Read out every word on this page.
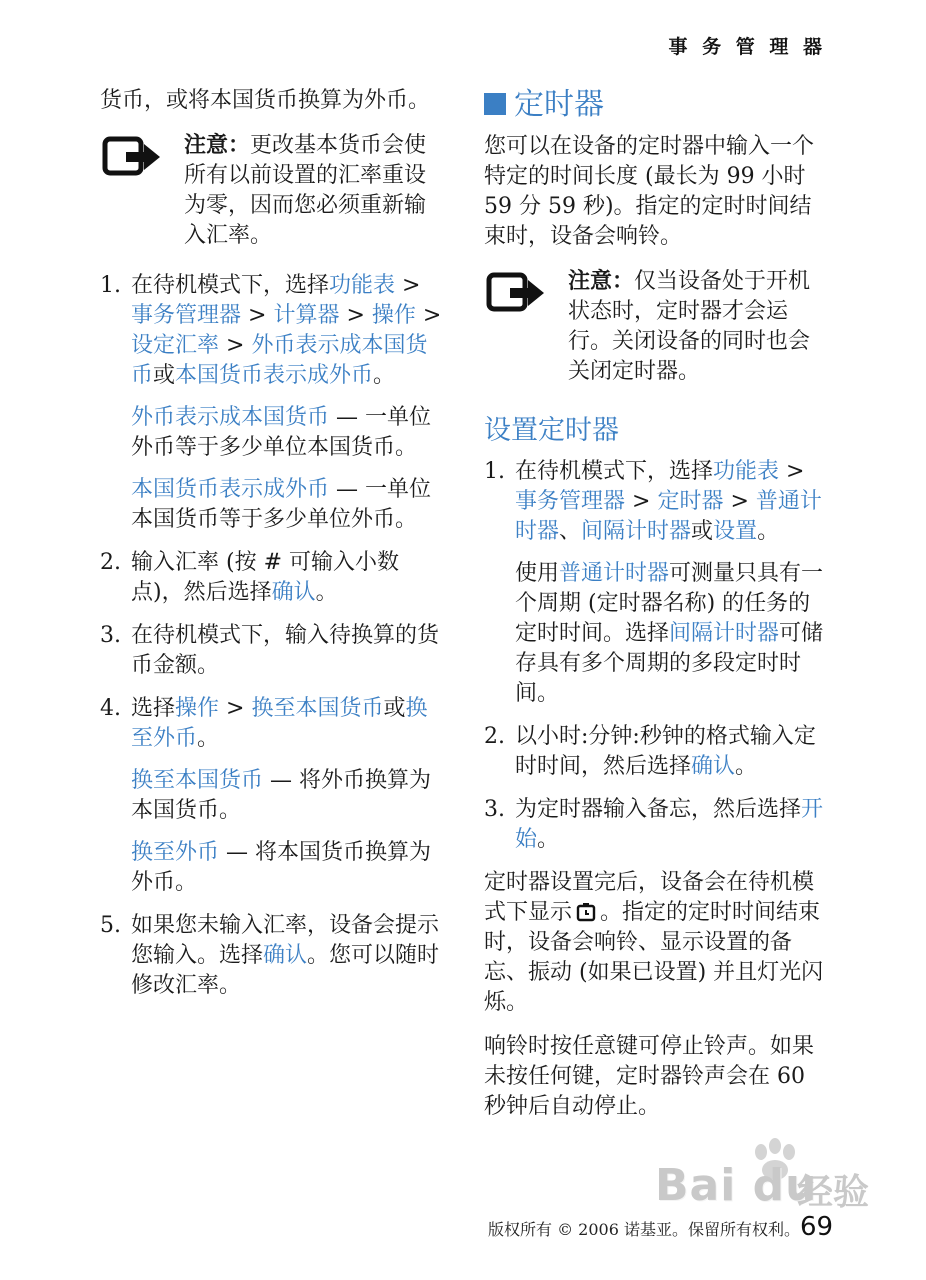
事 务 管 理 器

货币，或将本国货币换算为外币。

注意：更改基本货币会使所有以前设置的汇率重设为零，因而您必须重新输入汇率。

1. 在待机模式下，选择功能表 > 事务管理器 > 计算器 > 操作 > 设定汇率 > 外币表示成本国货币或本国货币表示成外币。

外币表示成本国货币 — 一单位外币等于多少单位本国货币。

本国货币表示成外币 — 一单位本国货币等于多少单位外币。

2. 输入汇率 (按 # 可输入小数点)，然后选择确认。

3. 在待机模式下，输入待换算的货币金额。

4. 选择操作 > 换至本国货币或换至外币。

换至本国货币 — 将外币换算为本国货币。

换至外币 — 将本国货币换算为外币。

5. 如果您未输入汇率，设备会提示您输入。选择确认。您可以随时修改汇率。

定时器

您可以在设备的定时器中输入一个特定的时间长度 (最长为 99 小时 59 分 59 秒)。指定的定时时间结束时，设备会响铃。

注意：仅当设备处于开机状态时，定时器才会运行。关闭设备的同时也会关闭定时器。

设置定时器
1. 在待机模式下，选择功能表 > 事务管理器 > 定时器 > 普通计时器、间隔计时器或设置。

使用普通计时器可测量只具有一个周期 (定时器名称) 的任务的定时时间。选择间隔计时器可储存具有多个周期的多段定时时间。

2. 以小时:分钟:秒钟的格式输入定时时间，然后选择确认。

3. 为定时器输入备忘，然后选择开始。

定时器设置完后，设备会在待机模式下显示 。指定的定时时间结束时，设备会响铃、显示设置的备忘、振动 (如果已设置) 并且灯光闪烁。

响铃时按任意键可停止铃声。如果未按任何键，定时器铃声会在 60 秒钟后自动停止。

Bai du
经验
版权所有 © 2006 诺基亚。保留所有权利。 69
